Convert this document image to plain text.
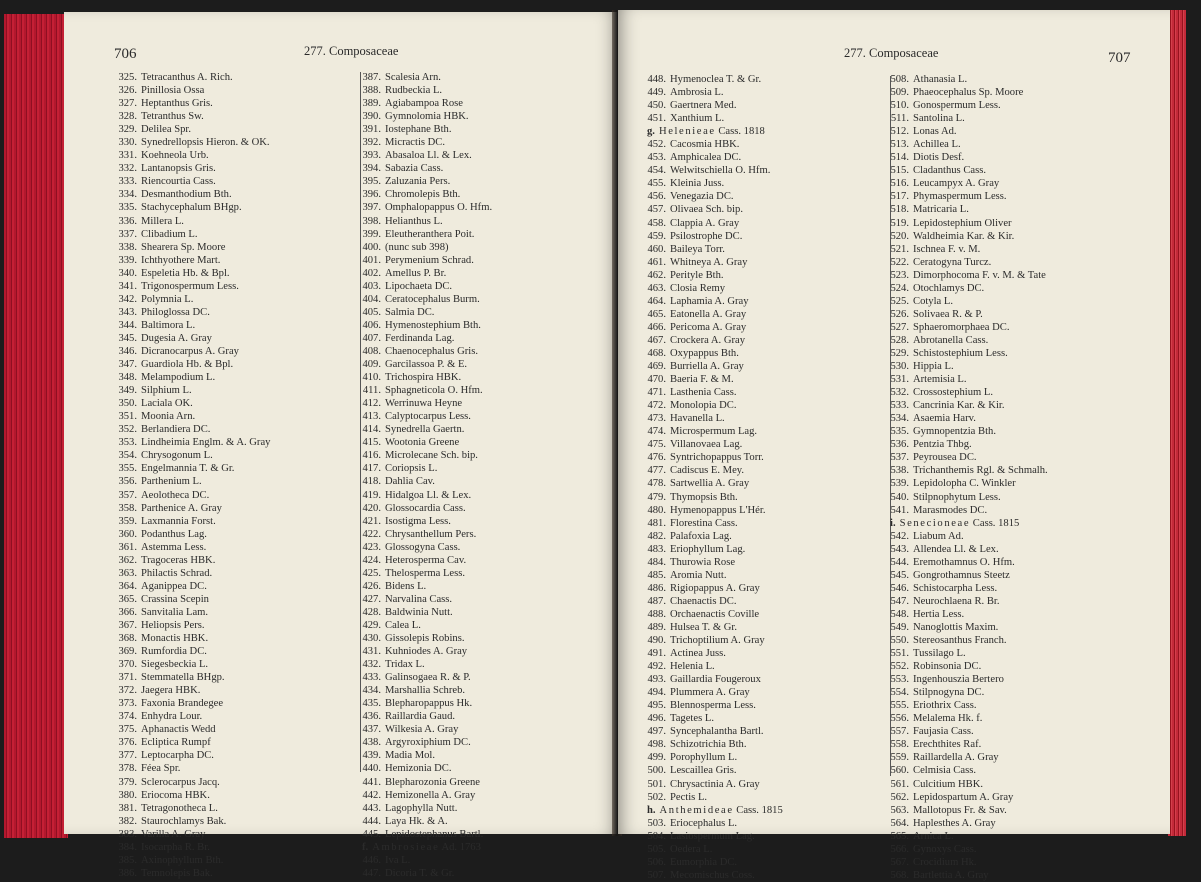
706	277. Composaceae
325. Tetracanthus A. Rich.
326. Pinillosia Ossa
327. Heptanthus Gris.
328. Tetranthus Sw.
329. Delilea Spr.
330. Synedrellopsis Hieron. & OK.
331. Koehneola Urb.
332. Lantanopsis Gris.
333. Riencourtia Cass.
334. Desmanthodium Bth.
335. Stachycephalum BHgp.
336. Millera L.
337. Clibadium L.
338. Shearera Sp. Moore
339. Ichthyothere Mart.
340. Espeletia Hb. & Bpl.
341. Trigonospermum Less.
342. Polymnia L.
343. Philoglossa DC.
344. Baltimora L.
345. Dugesia A. Gray
346. Dicranocarpus A. Gray
347. Guardiola Hb. & Bpl.
348. Melampodium L.
349. Silphium L.
350. Laciala OK.
351. Moonia Arn.
352. Berlandiera DC.
353. Lindheimia Englm. & A. Gray
354. Chrysogonum L.
355. Engelmannia T. & Gr.
356. Parthenium L.
357. Aeolotheca DC.
358. Parthenice A. Gray
359. Laxmannia Forst.
360. Podanthus Lag.
361. Astemma Less.
362. Tragoceras HBK.
363. Philactis Schrad.
364. Aganippea DC.
365. Crassina Scepin
366. Sanvitalia Lam.
367. Heliopsis Pers.
368. Monactis HBK.
369. Rumfordia DC.
370. Siegesbeckia L.
371. Stemmatella BHgp.
372. Jaegera HBK.
373. Faxonia Brandegee
374. Enhydra Lour.
375. Aphanactis Wedd
376. Ecliptica Rumpf
377. Leptocarpha DC.
378. Féea Spr.
379. Sclerocarpus Jacq.
380. Eriocoma HBK.
381. Tetragonotheca L.
382. Staurochlamys Bak.
383. Varilla A. Gray
384. Isocarpha R. Br.
385. Axinophyllum Bth.
386. Temnolepis Bak.
387. Scalesia Arn.
388. Rudbeckia L.
389. Agiabampoa Rose
390. Gymnolomia HBK.
391. Iostephane Bth.
392. Micractis DC.
393. Abasaloa Ll. & Lex.
394. Sabazia Cass.
395. Zaluzania Pers.
396. Chromolepis Bth.
397. Omphalopappus O. Hfm.
398. Helianthus L.
399. Eleutheranthera Poit.
400. (nunc sub 398)
401. Perymenium Schrad.
402. Amellus P. Br.
403. Lipochaeta DC.
404. Ceratocephalus Burm.
405. Salmia DC.
406. Hymenostephium Bth.
407. Ferdinanda Lag.
408. Chaenocephalus Gris.
409. Garcilassoa P. & E.
410. Trichospira HBK.
411. Sphagneticola O. Hfm.
412. Werrinuwa Heyne
413. Calyptocarpus Less.
414. Synedrella Gaertn.
415. Wootonia Greene
416. Microlecane Sch. bip.
417. Coriopsis L.
418. Dahlia Cav.
419. Hidalgoa Ll. & Lex.
420. Glossocardia Cass.
421. Isostigma Less.
422. Chrysanthellum Pers.
423. Glossogyna Cass.
424. Heterosperma Cav.
425. Thelosperma Less.
426. Bidens L.
427. Narvalina Cass.
428. Baldwinia Nutt.
429. Calea L.
430. Gissolepis Robins.
431. Kuhniodes A. Gray
432. Tridax L.
433. Galinsogaea R. & P.
434. Marshallia Schreb.
435. Blepharopappus Hk.
436. Raillardia Gaud.
437. Wilkesia A. Gray
438. Argyroxiphium DC.
439. Madia Mol.
440. Hemizonia DC.
441. Blepharozonia Greene
442. Hemizonella A. Gray
443. Lagophylla Nutt.
444. Laya Hk. & A.
445. Lepidostephanus Bartl.
f. Ambrosieae Ad. 1763
446. Iva L.
447. Dicoria T. & Gr.
277. Composaceae	707
448. Hymenoclea T. & Gr.
449. Ambrosia L.
450. Gaertnera Med.
451. Xanthium L.
g. Helenieae Cass. 1818
452. Cacosmia HBK.
453. Amphicalea DC.
454. Welwitschiella O. Hfm.
455. Kleinia Juss.
456. Venegazia DC.
457. Olivaea Sch. bip.
458. Clappia A. Gray
459. Psilostrophe DC.
460. Baileya Torr.
461. Whitneya A. Gray
462. Perityle Bth.
463. Closia Remy
464. Laphamia A. Gray
465. Eatonella A. Gray
466. Pericoma A. Gray
467. Crockera A. Gray
468. Oxypappus Bth.
469. Burriella A. Gray
470. Baeria F. & M.
471. Lasthenia Cass.
472. Monolopia DC.
473. Havanella L.
474. Microspermum Lag.
475. Villanovaea Lag.
476. Syntrichopappus Torr.
477. Cadiscus E. Mey.
478. Sartwellia A. Gray
479. Thymopsis Bth.
480. Hymenopappus L'Hér.
481. Florestina Cass.
482. Palafoxia Lag.
483. Eriophyllum Lag.
484. Thurowia Rose
485. Aromia Nutt.
486. Rigiopappus A. Gray
487. Chaenactis DC.
488. Orchaenactis Coville
489. Hulsea T. & Gr.
490. Trichoptilium A. Gray
491. Actinea Juss.
492. Helenia L.
493. Gaillardia Fougeroux
494. Plummera A. Gray
495. Blennosperma Less.
496. Tagetes L.
497. Syncephalantha Bartl.
498. Schizotrichia Bth.
499. Porophyllum L.
500. Lescaillea Gris.
501. Chrysactinia A. Gray
502. Pectis L.
h. Anthemideae Cass. 1815
503. Eriocephalus L.
504. Lasiospermum Lag.
505. Oedera L.
506. Eumorphia DC.
507. Mecomischus Coss.
508. Athanasia L.
509. Phaeocephalus Sp. Moore
510. Gonospermum Less.
511. Santolina L.
512. Lonas Ad.
513. Achillea L.
514. Diotis Desf.
515. Cladanthus Cass.
516. Leucampyx A. Gray
517. Phymaspermum Less.
518. Matricaria L.
519. Lepidostephium Oliver
520. Waldheimia Kar. & Kir.
521. Ischnea F. v. M.
522. Ceratogyna Turcz.
523. Dimorphocoma F. v. M. & Tate
524. Otochlamys DC.
525. Cotyla L.
526. Solivaea R. & P.
527. Sphaeromorphaea DC.
528. Abrotanella Cass.
529. Schistostephium Less.
530. Hippia L.
531. Artemisia L.
532. Crossostephium L.
533. Cancrinia Kar. & Kir.
534. Asaemia Harv.
535. Gymnopentzia Bth.
536. Pentzia Thbg.
537. Peyrousea DC.
538. Trichanthemis Rgl. & Schmalh.
539. Lepidolopha C. Winkler
540. Stilpnophytum Less.
541. Marasmodes DC.
i. Senecioneae Cass. 1815
542. Liabum Ad.
543. Allendea Ll. & Lex.
544. Eremothamnus O. Hfm.
545. Gongrothamnus Steetz
546. Schistocarpha Less.
547. Neurochlaena R. Br.
548. Hertia Less.
549. Nanoglottis Maxim.
550. Stereosanthus Franch.
551. Tussilago L.
552. Robinsonia DC.
553. Ingenhouszia Bertero
554. Stilpnogyna DC.
555. Eriothrix Cass.
556. Melalema Hk. f.
557. Faujasia Cass.
558. Erechthites Raf.
559. Raillardella A. Gray
560. Celmisia Cass.
561. Culcitium HBK.
562. Lepidospartum A. Gray
563. Mallotopus Fr. & Sav.
564. Haplesthes A. Gray
565. Arnica L.
566. Gynoxys Cass.
567. Crocidium Hk.
568. Bartlettia A. Gray
